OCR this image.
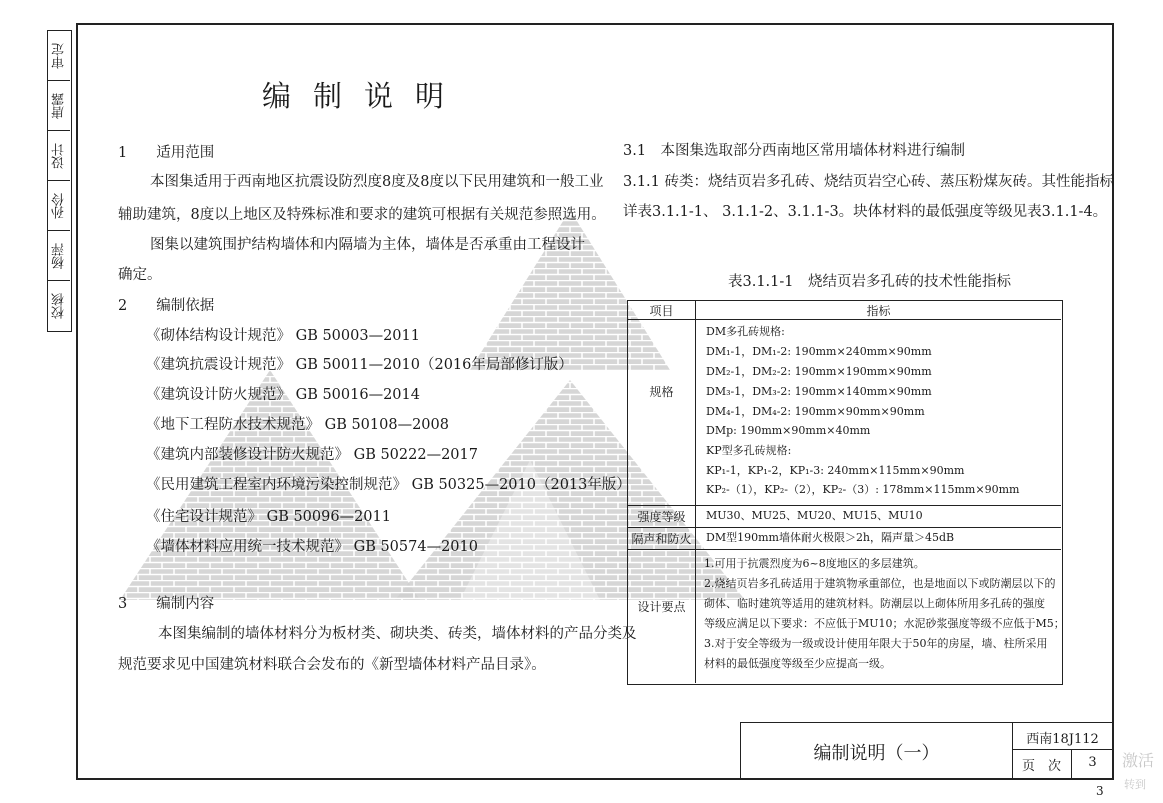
审定
唐露
设计
孙伶
杨萍
校核
编制说明
1　　适用范围
本图集适用于西南地区抗震设防烈度8度及8度以下民用建筑和一般工业
辅助建筑，8度以上地区及特殊标准和要求的建筑可根据有关规范参照选用。
图集以建筑围护结构墙体和内隔墙为主体，墙体是否承重由工程设计
确定。
2　　编制依据
《砌体结构设计规范》 GB 50003—2011
《建筑抗震设计规范》 GB 50011—2010（2016年局部修订版）
《建筑设计防火规范》 GB 50016—2014
《地下工程防水技术规范》 GB 50108—2008
《建筑内部装修设计防火规范》 GB 50222—2017
《民用建筑工程室内环境污染控制规范》 GB 50325—2010（2013年版）
《住宅设计规范》 GB 50096—2011
《墙体材料应用统一技术规范》 GB 50574—2010
3　　编制内容
本图集编制的墙体材料分为板材类、砌块类、砖类，墙体材料的产品分类及
规范要求见中国建筑材料联合会发布的《新型墙体材料产品目录》。
3.1　本图集选取部分西南地区常用墙体材料进行编制
3.1.1 砖类：烧结页岩多孔砖、烧结页岩空心砖、蒸压粉煤灰砖。其性能指标
详表3.1.1-1、 3.1.1-2、3.1.1-3。块体材料的最低强度等级见表3.1.1-4。
表3.1.1-1　烧结页岩多孔砖的技术性能指标
项目	指标
规格
DM多孔砖规格:
DM₁-1，DM₁-2: 190mm×240mm×90mm
DM₂-1，DM₂-2: 190mm×190mm×90mm
DM₃-1，DM₃-2: 190mm×140mm×90mm
DM₄-1，DM₄-2: 190mm×90mm×90mm
DMp: 190mm×90mm×40mm
KP型多孔砖规格:
KP₁-1，KP₁-2，KP₁-3: 240mm×115mm×90mm
KP₂-（1），KP₂-（2），KP₂-（3）: 178mm×115mm×90mm
强度等级	MU30、MU25、MU20、MU15、MU10
隔声和防火	DM型190mm墙体耐火极限＞2h，隔声量＞45dB
设计要点
1.可用于抗震烈度为6~8度地区的多层建筑。
2.烧结页岩多孔砖适用于建筑物承重部位，也是地面以下或防潮层以下的
砌体、临时建筑等适用的建筑材料。防潮层以上砌体所用多孔砖的强度
等级应满足以下要求：不应低于MU10；水泥砂浆强度等级不应低于M5；
3.对于安全等级为一级或设计使用年限大于50年的房屋，墙、柱所采用
材料的最低强度等级至少应提高一级。
编制说明（一）
西南18J112
页　次	3
3
激活
转到
